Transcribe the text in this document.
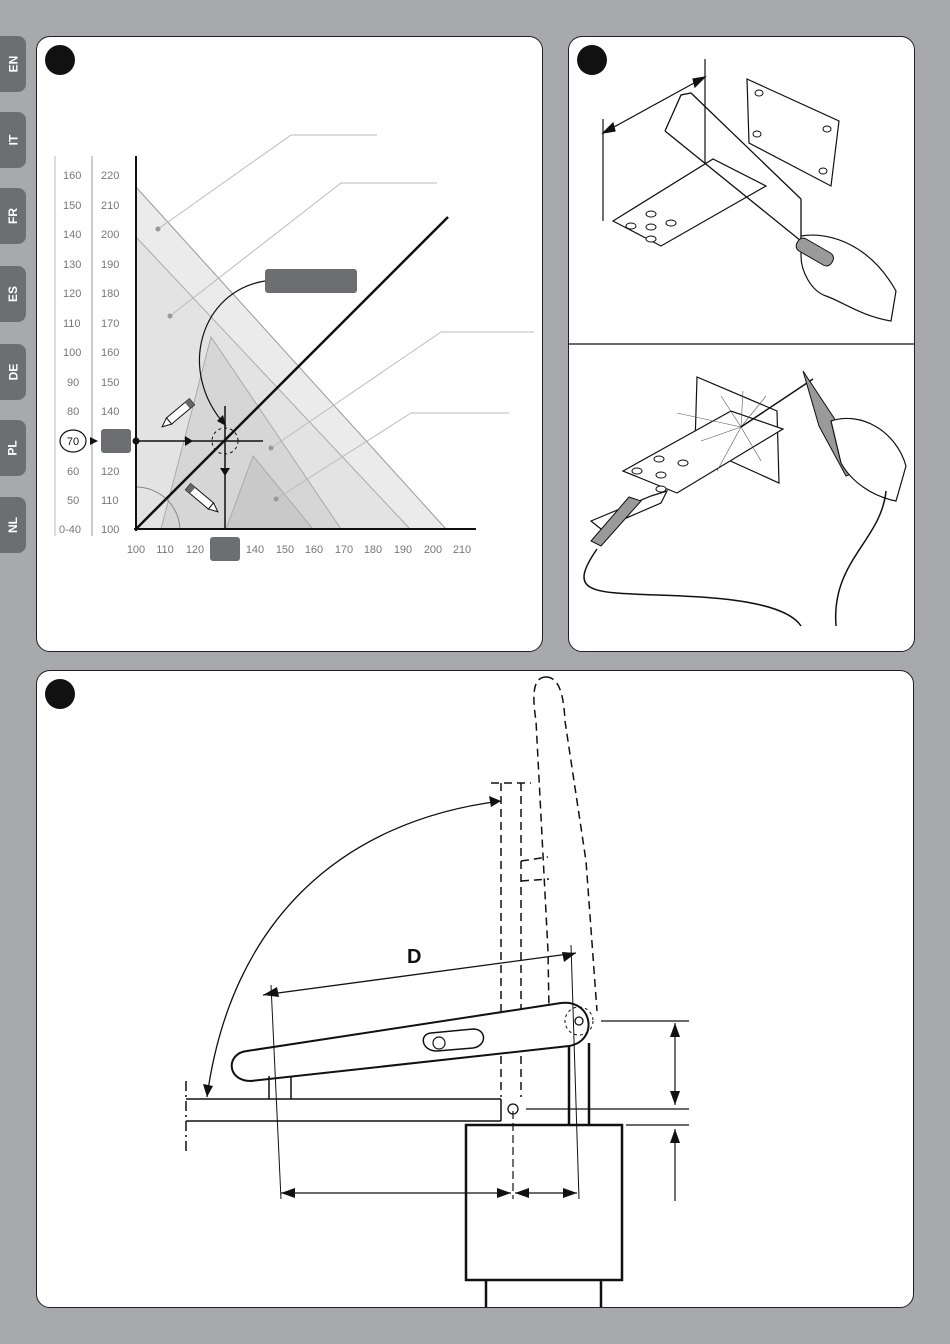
EN
IT
FR
ES
DE
PL
NL
160
150
140
130
120
110
100
90
80
60
50
0-40
220
210
200
190
180
170
160
150
140
120
110
100
100 110 120	140 150 160 170 180 190 200 210
70
D
